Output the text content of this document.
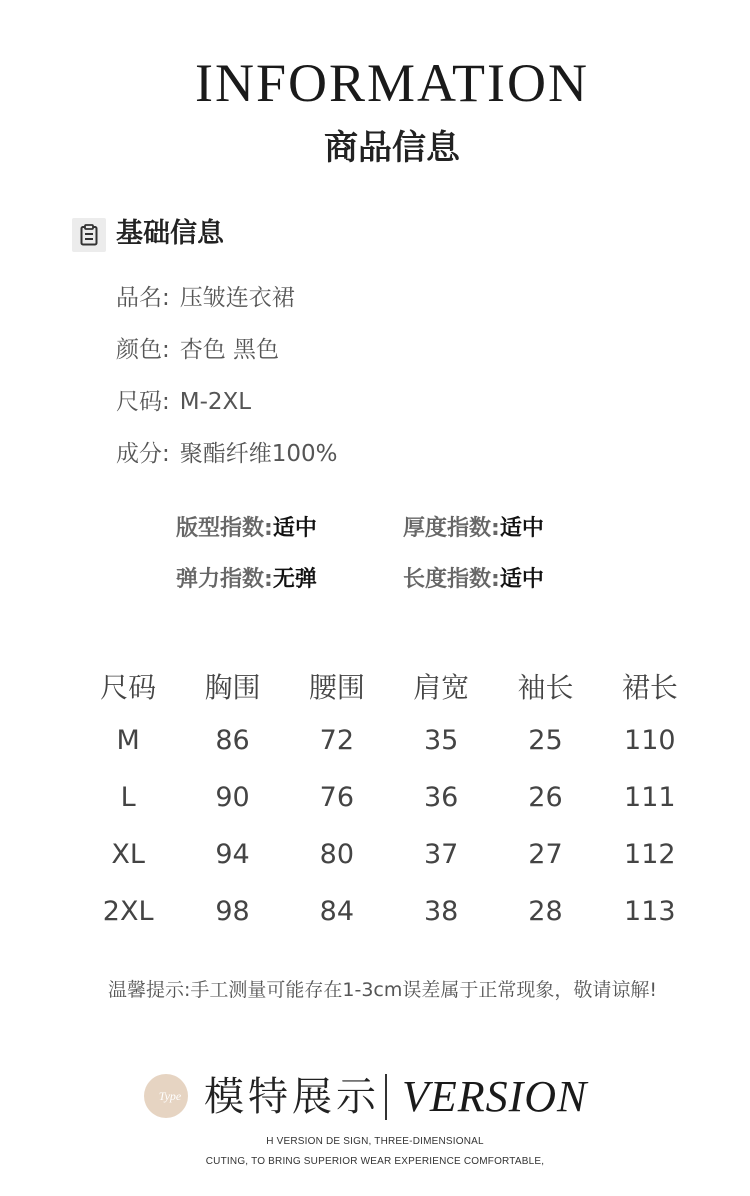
INFORMATION
商品信息
基础信息
品名: 压皱连衣裙
颜色: 杏色 黑色
尺码: M-2XL
成分: 聚酯纤维100%
版型指数:适中	厚度指数:适中
弹力指数:无弹	长度指数:适中
尺码	胸围	腰围	肩宽	袖长	裙长
M	86	72	35	25	110
L	90	76	36	26	111
XL	94	80	37	27	112
2XL	98	84	38	28	113
温馨提示:手工测量可能存在1-3cm误差属于正常现象，敬请谅解!
Type 模特展示 VERSION
H VERSION DE SIGN, THREE-DIMENSIONAL
CUTING, TO BRING SUPERIOR WEAR EXPERIENCE COMFORTABLE,
